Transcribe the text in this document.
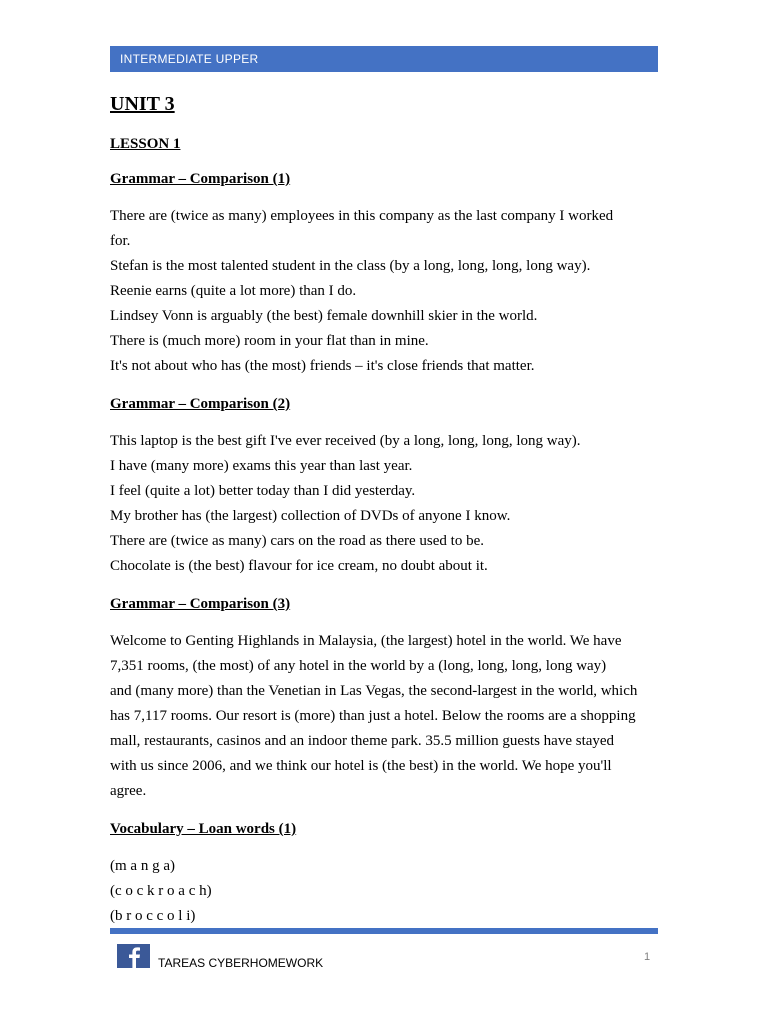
INTERMEDIATE UPPER
UNIT 3
LESSON 1
Grammar – Comparison (1)
There are (twice as many) employees in this company as the last company I worked
for.
Stefan is the most talented student in the class (by a long, long, long, long way).
Reenie earns (quite a lot more) than I do.
Lindsey Vonn is arguably (the best) female downhill skier in the world.
There is (much more) room in your flat than in mine.
It's not about who has (the most) friends – it's close friends that matter.
Grammar – Comparison (2)
This laptop is the best gift I've ever received (by a long, long, long, long way).
I have (many more) exams this year than last year.
I feel (quite a lot) better today than I did yesterday.
My brother has (the largest) collection of DVDs of anyone I know.
There are (twice as many) cars on the road as there used to be.
Chocolate is (the best) flavour for ice cream, no doubt about it.
Grammar – Comparison (3)
Welcome to Genting Highlands in Malaysia, (the largest) hotel in the world. We have
7,351 rooms, (the most) of any hotel in the world by a (long, long, long, long way)
and (many more) than the Venetian in Las Vegas, the second-largest in the world, which
has 7,117 rooms. Our resort is (more) than just a hotel. Below the rooms are a shopping
mall, restaurants, casinos and an indoor theme park. 35.5 million guests have stayed
with us since 2006, and we think our hotel is (the best) in the world. We hope you'll
agree.
Vocabulary – Loan words (1)
(m a n g a)
(c o c k r o a c h)
(b r o c c o l i)
TAREAS CYBERHOMEWORK	1
